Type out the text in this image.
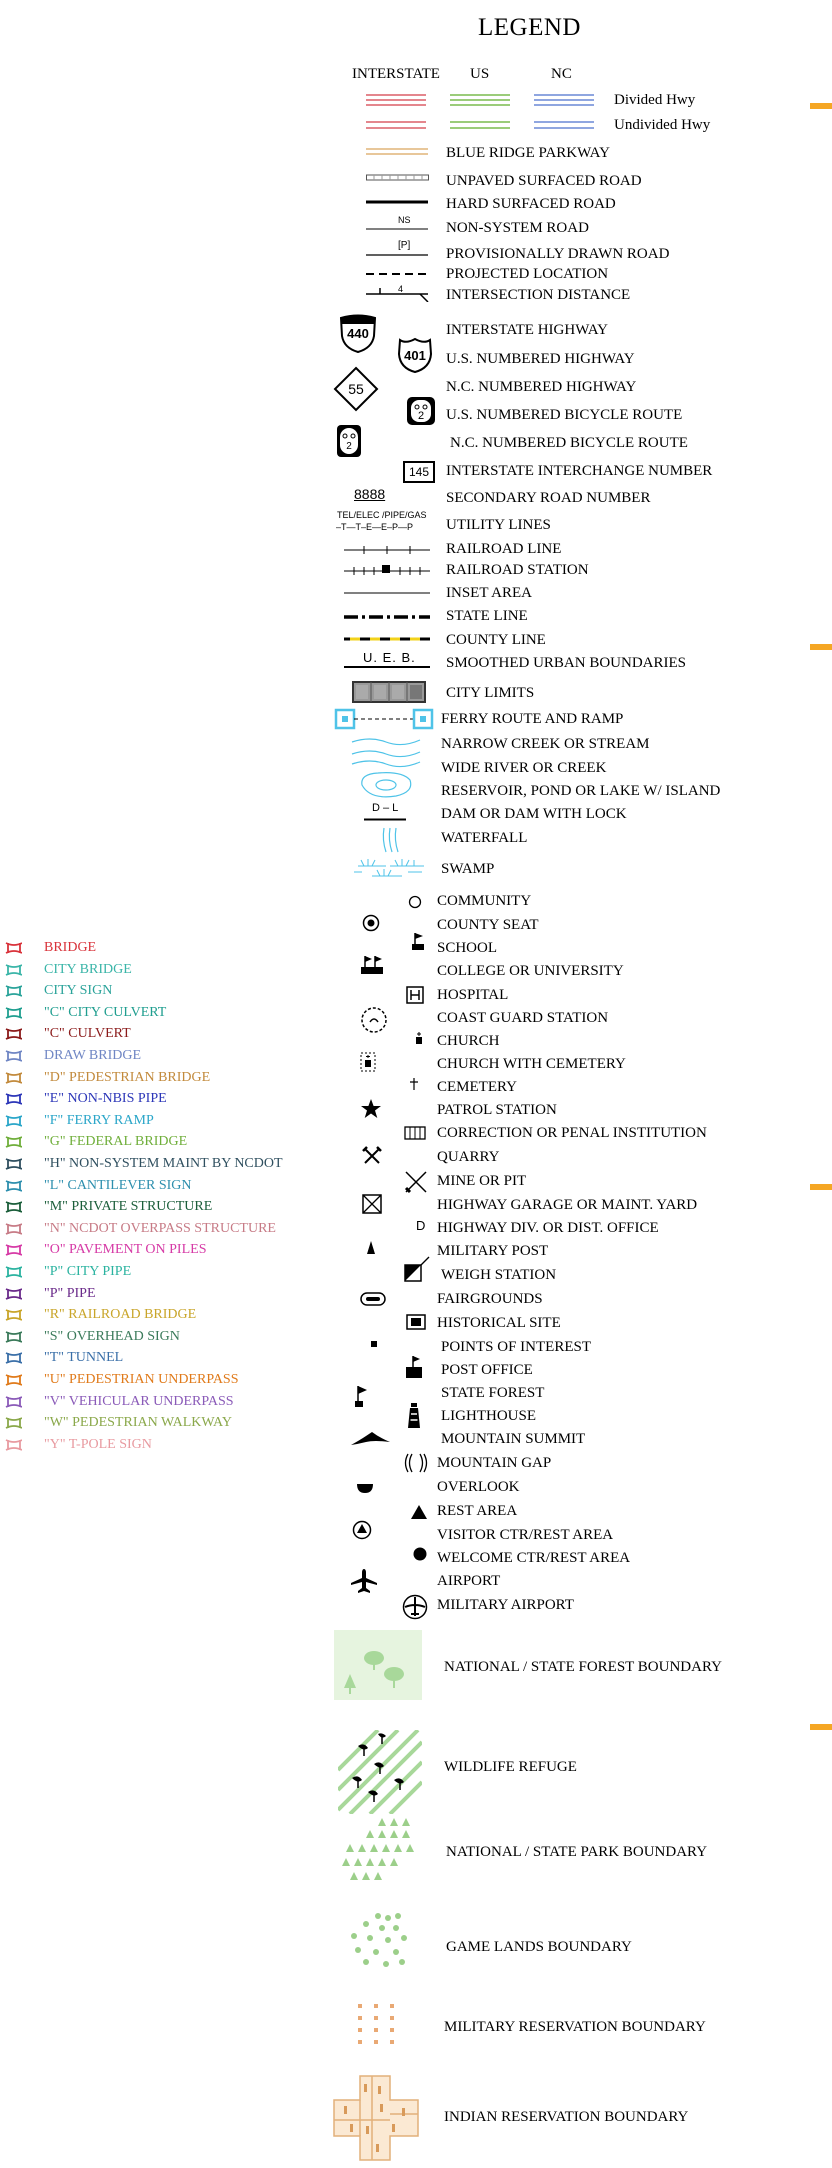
LEGEND
INTERSTATE US	NC
Divided Hwy
Undivided Hwy
BLUE RIDGE PARKWAY
UNPAVED SURFACED ROAD
HARD SURFACED ROAD
NS NON-SYSTEM ROAD
[P]
PROVISIONALLY DRAWN ROAD
PROJECTED LOCATION
4	INTERSECTION DISTANCE
440	INTERSTATE HIGHWAY
401	U.S. NUMBERED HIGHWAY
55	N.C. NUMBERED HIGHWAY
2	U.S. NUMBERED BICYCLE ROUTE
2	N.C. NUMBERED BICYCLE ROUTE
145	INTERSTATE INTERCHANGE NUMBER
8888	SECONDARY ROAD NUMBER
TEL/ELEC /PIPE/GAS
–T—T–E—E–P—P UTILITY LINES
RAILROAD LINE
RAILROAD STATION
INSET AREA
STATE LINE
COUNTY LINE
U. E. B. SMOOTHED URBAN BOUNDARIES
CITY LIMITS
FERRY ROUTE AND RAMP
NARROW CREEK OR STREAM
WIDE RIVER OR CREEK
RESERVOIR, POND OR LAKE W/ ISLAND
D – L	DAM OR DAM WITH LOCK
WATERFALL
SWAMP
COMMUNITY
COUNTY SEAT
SCHOOL
COLLEGE OR UNIVERSITY
HOSPITAL
COAST GUARD STATION
CHURCH
CHURCH WITH CEMETERY
CEMETERY
PATROL STATION
CORRECTION OR PENAL INSTITUTION
QUARRY
MINE OR PIT
HIGHWAY GARAGE OR MAINT. YARD
D HIGHWAY DIV. OR DIST. OFFICE
MILITARY POST
WEIGH STATION
FAIRGROUNDS
HISTORICAL SITE
POINTS OF INTEREST
POST OFFICE
STATE FOREST
LIGHTHOUSE
MOUNTAIN SUMMIT
MOUNTAIN GAP
OVERLOOK
REST AREA
VISITOR CTR/REST AREA
WELCOME CTR/REST AREA
AIRPORT
MILITARY AIRPORT
NATIONAL / STATE FOREST BOUNDARY
WILDLIFE REFUGE
NATIONAL / STATE PARK BOUNDARY
GAME LANDS BOUNDARY
MILITARY RESERVATION BOUNDARY
INDIAN RESERVATION BOUNDARY
BRIDGE
CITY BRIDGE
CITY SIGN
"C" CITY CULVERT
"C" CULVERT
DRAW BRIDGE
"D" PEDESTRIAN BRIDGE
"E" NON-NBIS PIPE
"F" FERRY RAMP
"G" FEDERAL BRIDGE
"H" NON-SYSTEM MAINT BY NCDOT
"L" CANTILEVER SIGN
"M" PRIVATE STRUCTURE
"N" NCDOT OVERPASS STRUCTURE
"O" PAVEMENT ON PILES
"P" CITY PIPE
"P" PIPE
"R" RAILROAD BRIDGE
"S" OVERHEAD SIGN
"T" TUNNEL
"U" PEDESTRIAN UNDERPASS
"V" VEHICULAR UNDERPASS
"W" PEDESTRIAN WALKWAY
"Y" T-POLE SIGN
